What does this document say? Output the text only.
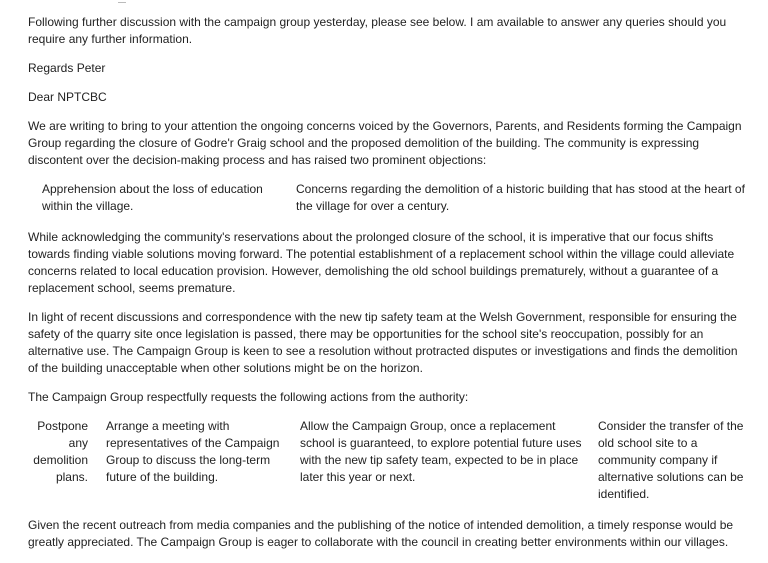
Following further discussion with the campaign group yesterday, please see below. I am available to answer any queries should you require any further information.

Regards Peter

Dear NPTCBC

We are writing to bring to your attention the ongoing concerns voiced by the Governors, Parents, and Residents forming the Campaign Group regarding the closure of Godre'r Graig school and the proposed demolition of the building. The community is expressing discontent over the decision-making process and has raised two prominent objections:

Apprehension about the loss of education within the village.
Concerns regarding the demolition of a historic building that has stood at the heart of the village for over a century.

While acknowledging the community's reservations about the prolonged closure of the school, it is imperative that our focus shifts towards finding viable solutions moving forward. The potential establishment of a replacement school within the village could alleviate concerns related to local education provision. However, demolishing the old school buildings prematurely, without a guarantee of a replacement school, seems premature.

In light of recent discussions and correspondence with the new tip safety team at the Welsh Government, responsible for ensuring the safety of the quarry site once legislation is passed, there may be opportunities for the school site's reoccupation, possibly for an alternative use. The Campaign Group is keen to see a resolution without protracted disputes or investigations and finds the demolition of the building unacceptable when other solutions might be on the horizon.

The Campaign Group respectfully requests the following actions from the authority:

Postpone any demolition plans.
Arrange a meeting with representatives of the Campaign Group to discuss the long-term future of the building.
Allow the Campaign Group, once a replacement school is guaranteed, to explore potential future uses with the new tip safety team, expected to be in place later this year or next.
Consider the transfer of the old school site to a community company if alternative solutions can be identified.

Given the recent outreach from media companies and the publishing of the notice of intended demolition, a timely response would be greatly appreciated. The Campaign Group is eager to collaborate with the council in creating better environments within our villages.
